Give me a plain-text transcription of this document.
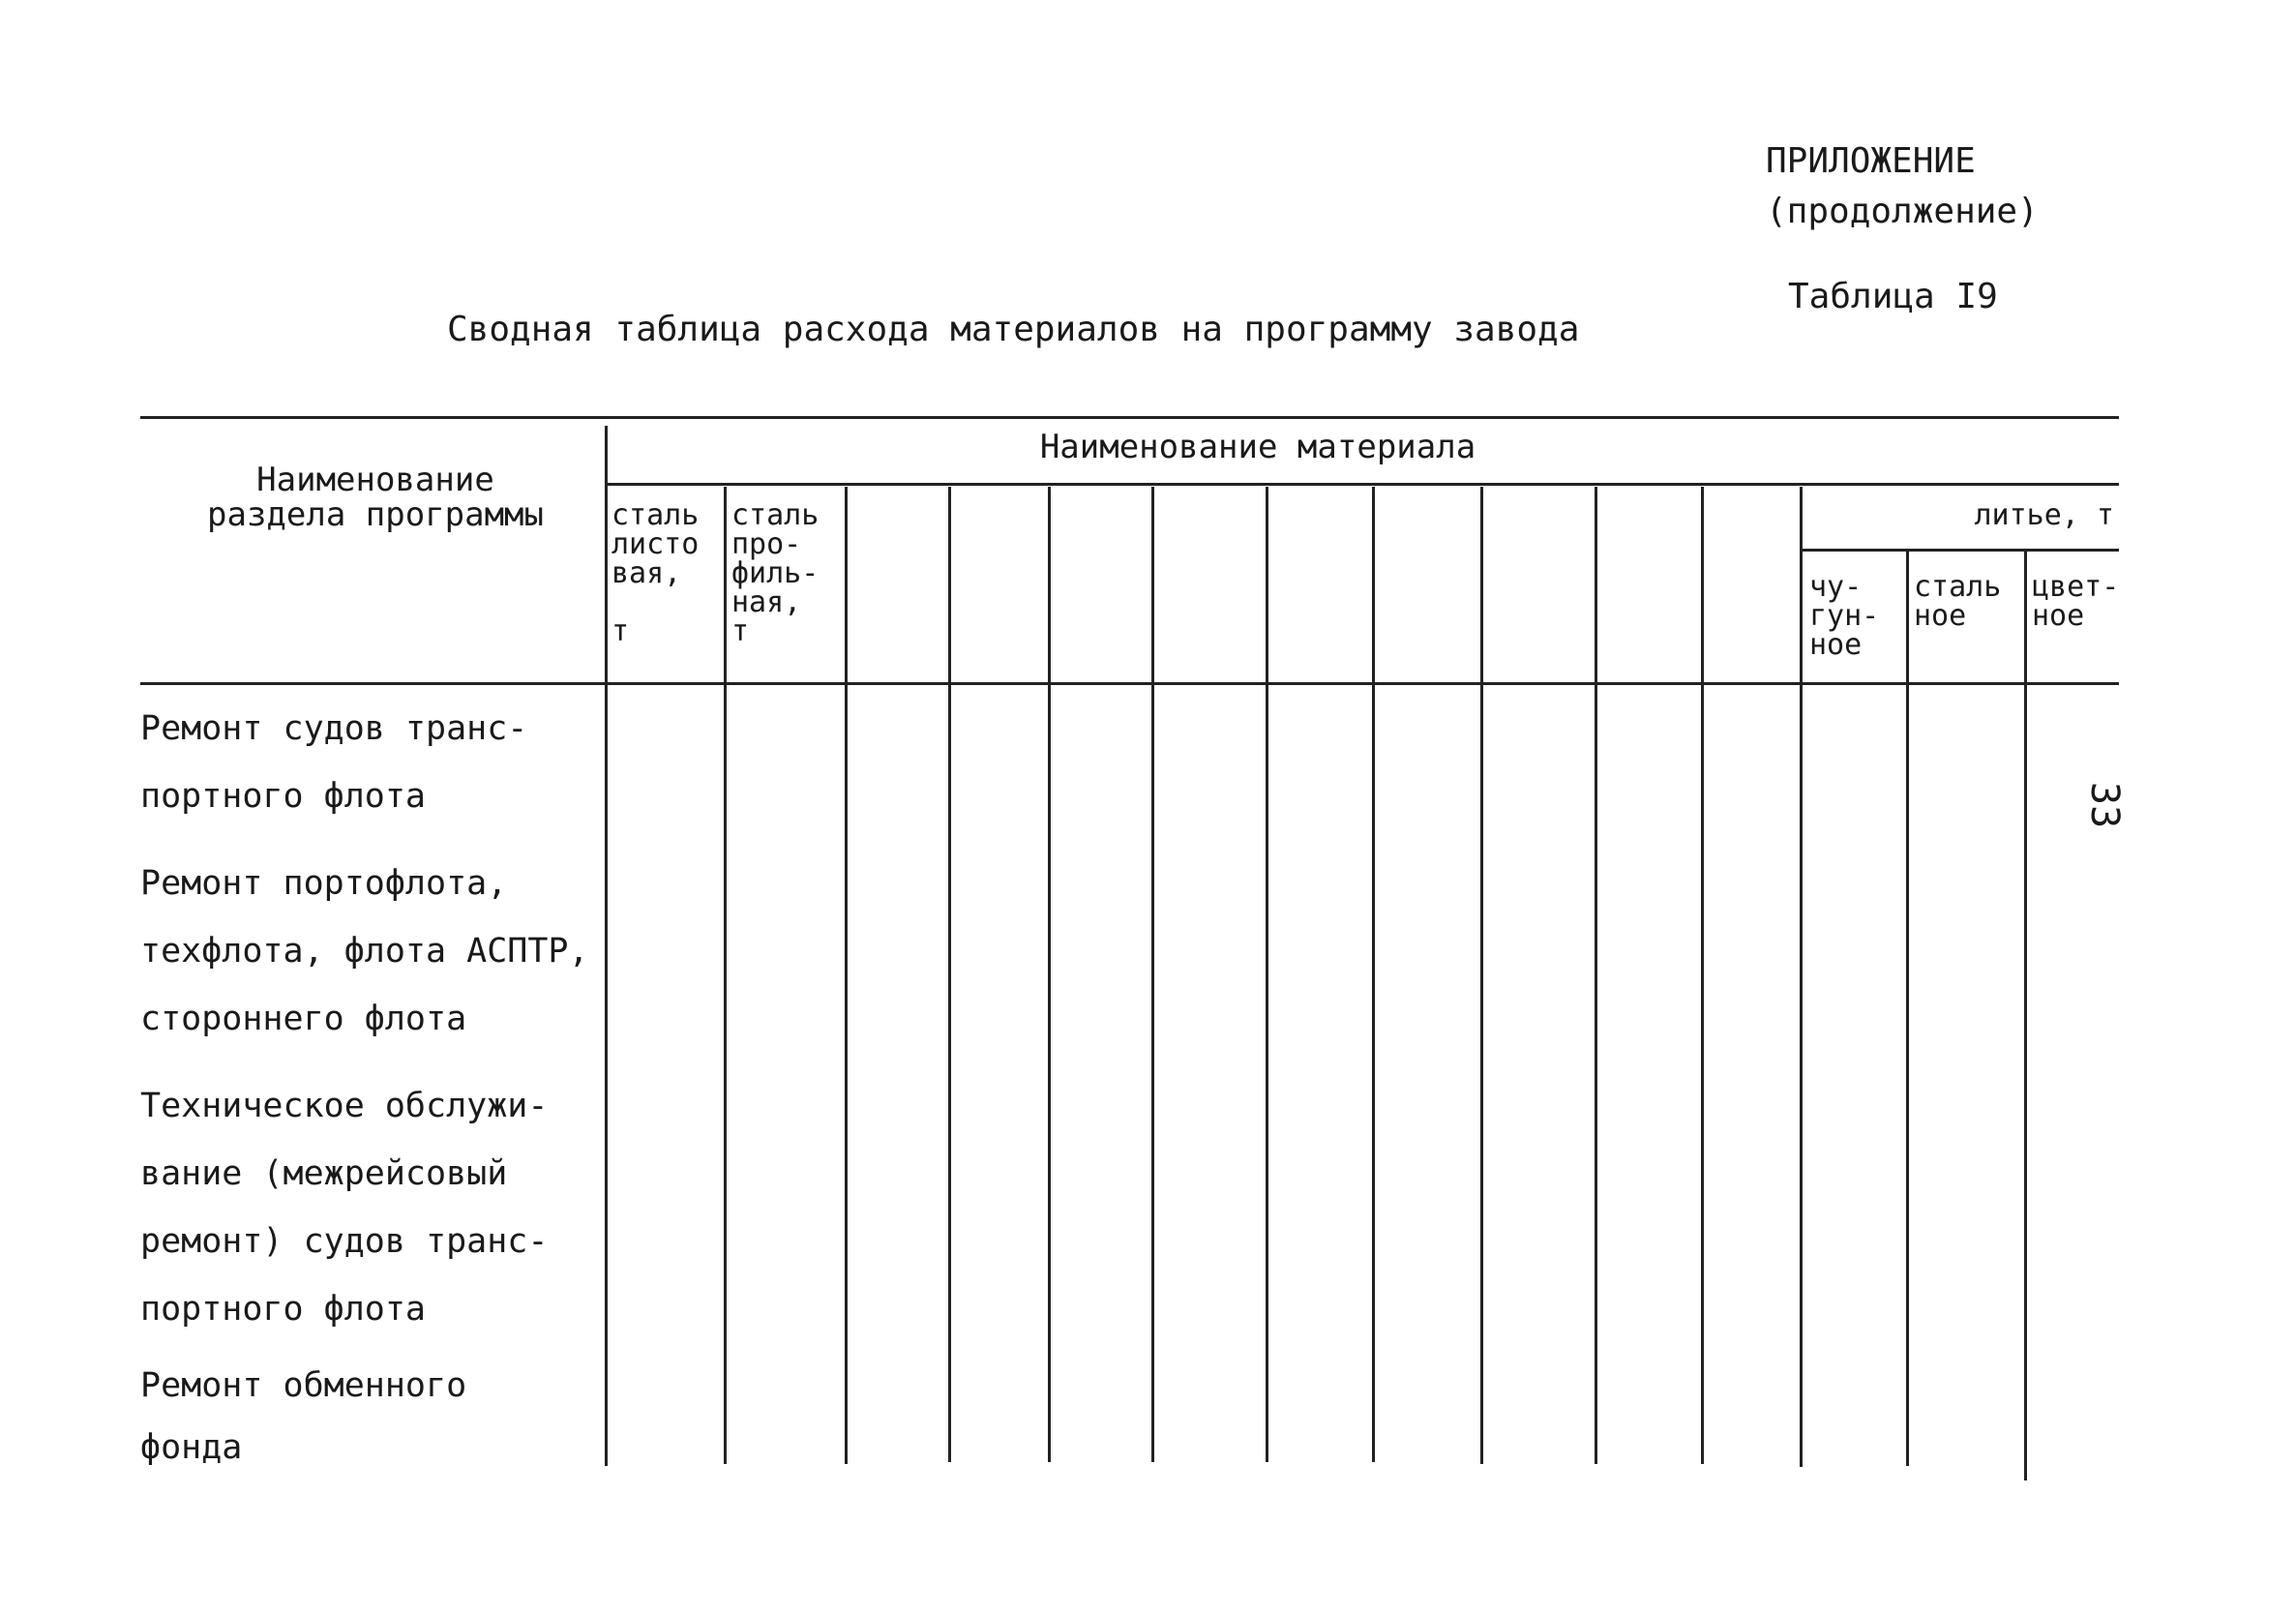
ПРИЛОЖЕНИЕ
(продолжение)
Таблица I9
Сводная таблица расхода материалов на программу завода
33
Наименование
раздела программы
Наименование материала
сталь
листо
вая,

т
сталь
про-
филь-
ная,
т
литье, т
чу-
гун-
ное
сталь
ное
цвет-
ное
Ремонт судов транс-
портного флота
Ремонт портофлота,
техфлота, флота АСПТР,
стороннего флота
Техническое обслужи-
вание (межрейсовый
ремонт) судов транс-
портного флота
Ремонт обменного
фонда
